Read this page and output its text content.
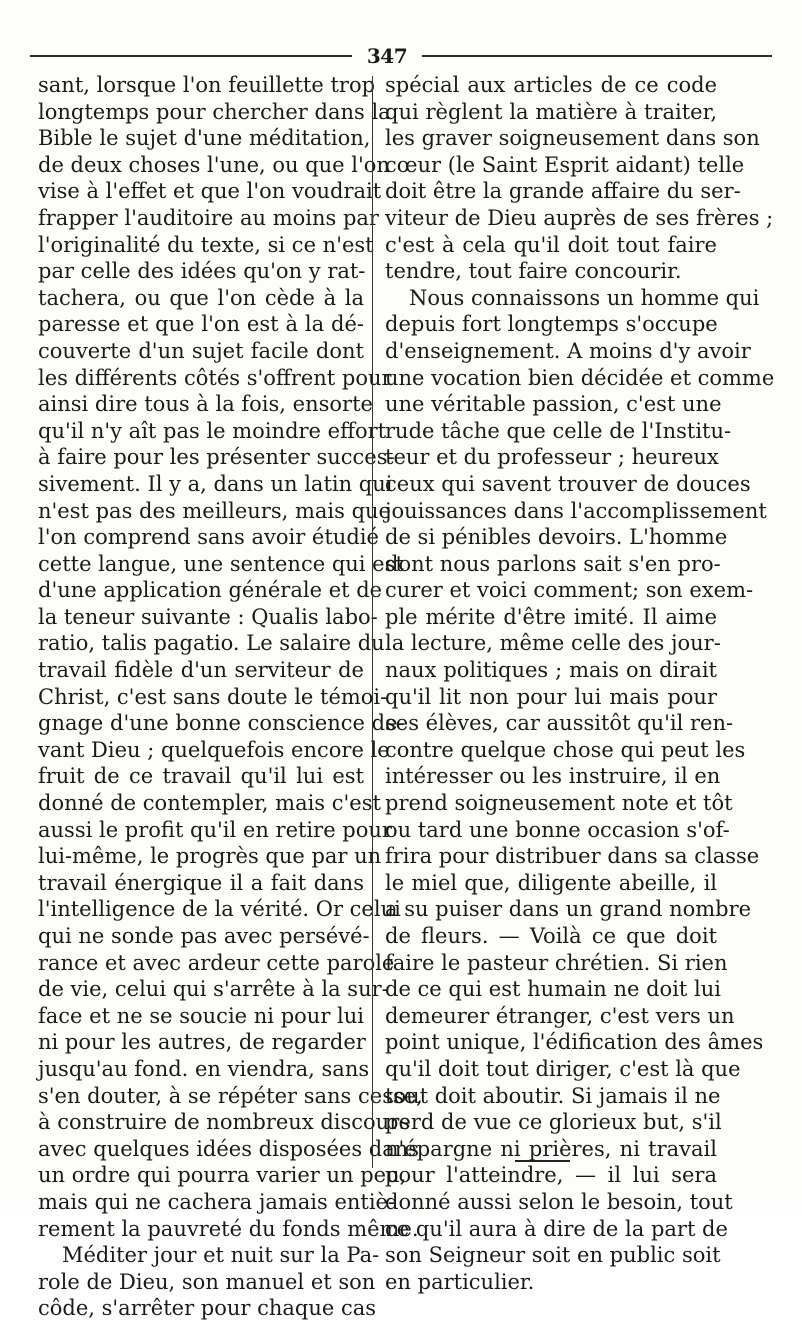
347
sant, lorsque l'on feuillette trop
longtemps pour chercher dans la
Bible le sujet d'une méditation,
de deux choses l'une, ou que l'on
vise à l'effet et que l'on voudrait
frapper l'auditoire au moins par
l'originalité du texte, si ce n'est
par celle des idées qu'on y rat-
tachera, ou que l'on cède à la
paresse et que l'on est à la dé-
couverte d'un sujet facile dont
les différents côtés s'offrent pour
ainsi dire tous à la fois, ensorte
qu'il n'y aît pas le moindre effort
à faire pour les présenter succes-
sivement. Il y a, dans un latin qui
n'est pas des meilleurs, mais que
l'on comprend sans avoir étudié
cette langue, une sentence qui est
d'une application générale et de
la teneur suivante : Qualis labo-
ratio, talis pagatio. Le salaire du
travail fidèle d'un serviteur de
Christ, c'est sans doute le témoi-
gnage d'une bonne conscience de-
vant Dieu ; quelquefois encore le
fruit de ce travail qu'il lui est
donné de contempler, mais c'est
aussi le profit qu'il en retire pour
lui-même, le progrès que par un
travail énergique il a fait dans
l'intelligence de la vérité. Or celui
qui ne sonde pas avec persévé-
rance et avec ardeur cette parole
de vie, celui qui s'arrête à la sur-
face et ne se soucie ni pour lui
ni pour les autres, de regarder
jusqu'au fond. en viendra, sans
s'en douter, à se répéter sans cesse,
à construire de nombreux discours
avec quelques idées disposées dans
un ordre qui pourra varier un peu,
mais qui ne cachera jamais entiè-
rement la pauvreté du fonds même.
Méditer jour et nuit sur la Pa-
role de Dieu, son manuel et son
côde, s'arrêter pour chaque cas
spécial aux articles de ce code
qui règlent la matière à traiter,
les graver soigneusement dans son
cœur (le Saint Esprit aidant) telle
doit être la grande affaire du ser-
viteur de Dieu auprès de ses frères ;
c'est à cela qu'il doit tout faire
tendre, tout faire concourir.
Nous connaissons un homme qui
depuis fort longtemps s'occupe
d'enseignement. A moins d'y avoir
une vocation bien décidée et comme
une véritable passion, c'est une
rude tâche que celle de l'Institu-
teur et du professeur ; heureux
ceux qui savent trouver de douces
jouissances dans l'accomplissement
de si pénibles devoirs. L'homme
dont nous parlons sait s'en pro-
curer et voici comment; son exem-
ple mérite d'être imité. Il aime
la lecture, même celle des jour-
naux politiques ; mais on dirait
qu'il lit non pour lui mais pour
ses élèves, car aussitôt qu'il ren-
contre quelque chose qui peut les
intéresser ou les instruire, il en
prend soigneusement note et tôt
ou tard une bonne occasion s'of-
frira pour distribuer dans sa classe
le miel que, diligente abeille, il
a su puiser dans un grand nombre
de fleurs. — Voilà ce que doit
faire le pasteur chrétien. Si rien
de ce qui est humain ne doit lui
demeurer étranger, c'est vers un
point unique, l'édification des âmes
qu'il doit tout diriger, c'est là que
tout doit aboutir. Si jamais il ne
perd de vue ce glorieux but, s'il
n'épargne ni prières, ni travail
pour l'atteindre, — il lui sera
donné aussi selon le besoin, tout
ce qu'il aura à dire de la part de
son Seigneur soit en public soit
en particulier.
